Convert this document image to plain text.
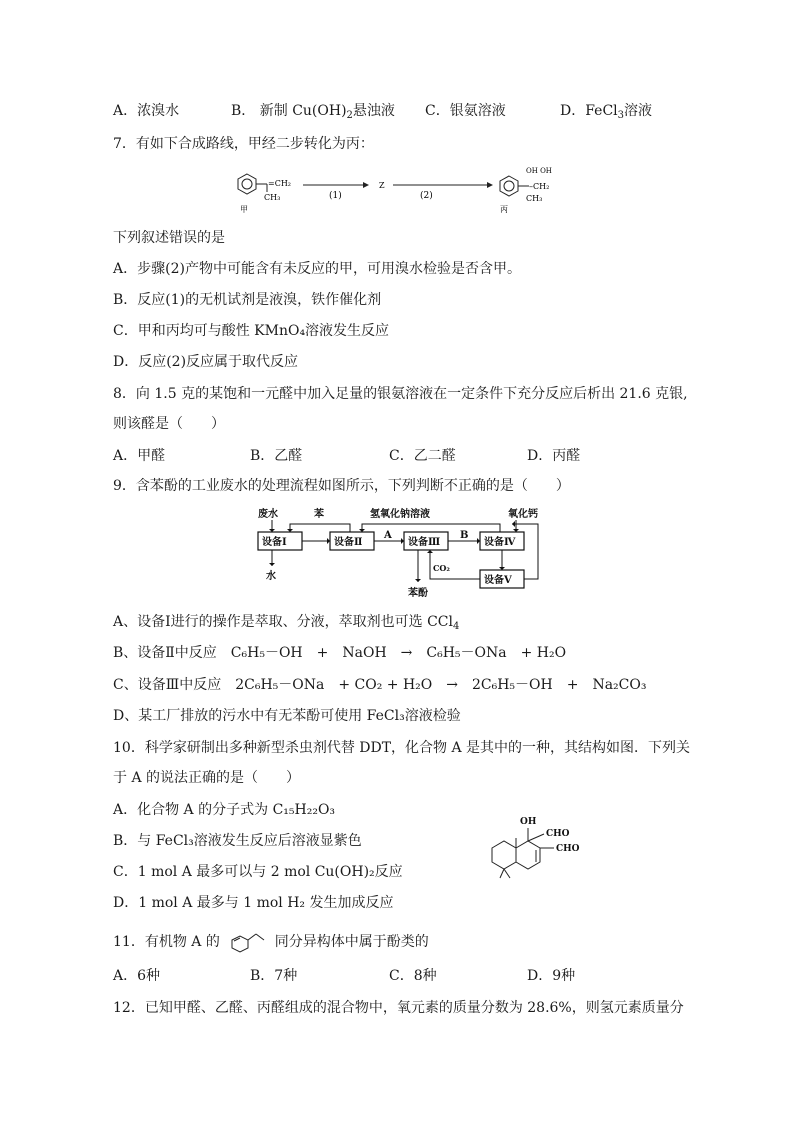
A．浓溴水	B． 新制 $Cu(OH)_2$悬浊液 C．银氨溶液	D．FeCl$_3$溶液
7．有如下合成路线，甲经二步转化为丙：
=CH₂
CH₃
甲
(1)
Z
(2)
OH OH
–CH₂
CH₃
丙
下列叙述错误的是
A．步骤(2)产物中可能含有未反应的甲，可用溴水检验是否含甲。
B．反应(1)的无机试剂是液溴，铁作催化剂
C．甲和丙均可与酸性 KMnO₄溶液发生反应
D．反应(2)反应属于取代反应
8．向 1.5 克的某饱和一元醛中加入足量的银氨溶液在一定条件下充分反应后析出 21.6 克银,
则该醛是（　　）
A．甲醛	B．乙醛	C．乙二醛	D．丙醛
9．含苯酚的工业废水的处理流程如图所示，下列判断不正确的是（　　）
废水	苯	氢氧化钠溶液	氧化钙
设备Ⅰ	设备Ⅱ	设备Ⅲ	设备Ⅳ
设备Ⅴ
A	B
水
CO₂
苯酚
A、设备Ⅰ进行的操作是萃取、分液，萃取剂也可选 CCl$_4$
B、设备Ⅱ中反应　C₆H₅－OH　+　NaOH　→　C₆H₅－ONa　+ H₂O
C、设备Ⅲ中反应　2C₆H₅－ONa　+ CO₂ + H₂O　→　2C₆H₅－OH　+　Na₂CO₃
D、某工厂排放的污水中有无苯酚可使用 FeCl₃溶液检验
10．科学家研制出多种新型杀虫剂代替 DDT，化合物 A 是其中的一种，其结构如图．下列关
于 A 的说法正确的是（　　）
A．化合物 A 的分子式为 C₁₅H₂₂O₃
B．与 FeCl₃溶液发生反应后溶液显紫色
C．1 mol A 最多可以与 2 mol Cu(OH)₂反应
D．1 mol A 最多与 1 mol H₂ 发生加成反应
OH
CHO
CHO
11．有机物 A 的	同分异构体中属于酚类的
A．6种	B．7种	C．8种	D．9种
12．已知甲醛、乙醛、丙醛组成的混合物中，氧元素的质量分数为 28.6%，则氢元素质量分
